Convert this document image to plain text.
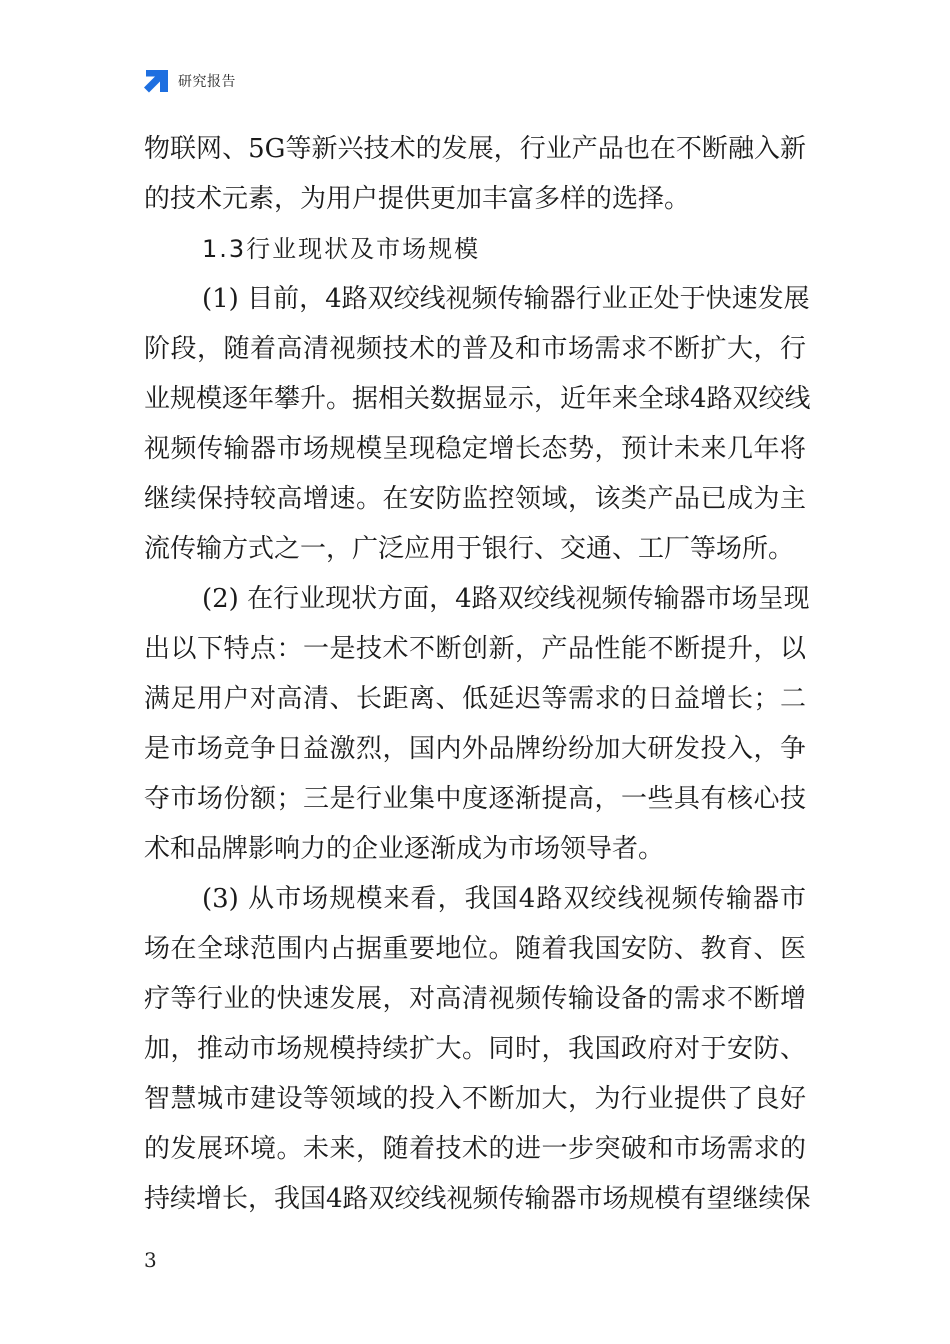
研究报告
物联网、5G等新兴技术的发展，行业产品也在不断融入新
的技术元素，为用户提供更加丰富多样的选择。
1.3行业现状及市场规模
(1) 目前，4路双绞线视频传输器行业正处于快速发展
阶段，随着高清视频技术的普及和市场需求不断扩大，行
业规模逐年攀升。据相关数据显示，近年来全球4路双绞线
视频传输器市场规模呈现稳定增长态势，预计未来几年将
继续保持较高增速。在安防监控领域，该类产品已成为主
流传输方式之一，广泛应用于银行、交通、工厂等场所。
(2) 在行业现状方面，4路双绞线视频传输器市场呈现
出以下特点：一是技术不断创新，产品性能不断提升，以
满足用户对高清、长距离、低延迟等需求的日益增长；二
是市场竞争日益激烈，国内外品牌纷纷加大研发投入，争
夺市场份额；三是行业集中度逐渐提高，一些具有核心技
术和品牌影响力的企业逐渐成为市场领导者。
(3) 从市场规模来看，我国4路双绞线视频传输器市
场在全球范围内占据重要地位。随着我国安防、教育、医
疗等行业的快速发展，对高清视频传输设备的需求不断增
加，推动市场规模持续扩大。同时，我国政府对于安防、
智慧城市建设等领域的投入不断加大，为行业提供了良好
的发展环境。未来，随着技术的进一步突破和市场需求的
持续增长，我国4路双绞线视频传输器市场规模有望继续保
3
